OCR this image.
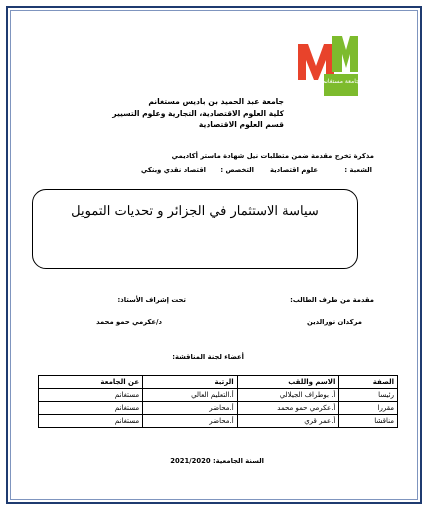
جامعة مستغانم
جامعة عبد الحميد بن باديس مستغانم
كلية العلوم الاقتصادية، التجارية وعلوم التسيير
قسم العلوم الاقتصادية
مذكرة تخرج مقدمة ضمن متطلبات نيل شهادة ماستر أكاديمي
الشعبة :
علوم اقتصادية
التخصص :
اقتصاد نقدي وبنكي
سياسة الاستثمار في الجزائر و تحديات التمويل
مقدمة من طرف الطالب:
تحت إشراف الأستاذ:
مركدان نورالدين
د/عكرمي حمو محمد
أعضاء لجنة المناقشة:
الصفة	الاسم واللقب	الرتبة	عن الجامعة
رئيسا	أ. بوطراف الجيلالي	أ.التعليم العالي	مستغانم
مقررا	أ.عكرمي حمو محمد	أ.محاضر	مستغانم
مناقشا	أ.عمر قري	أ.محاضر	مستغانم
السنة الجامعية: 2021/2020
